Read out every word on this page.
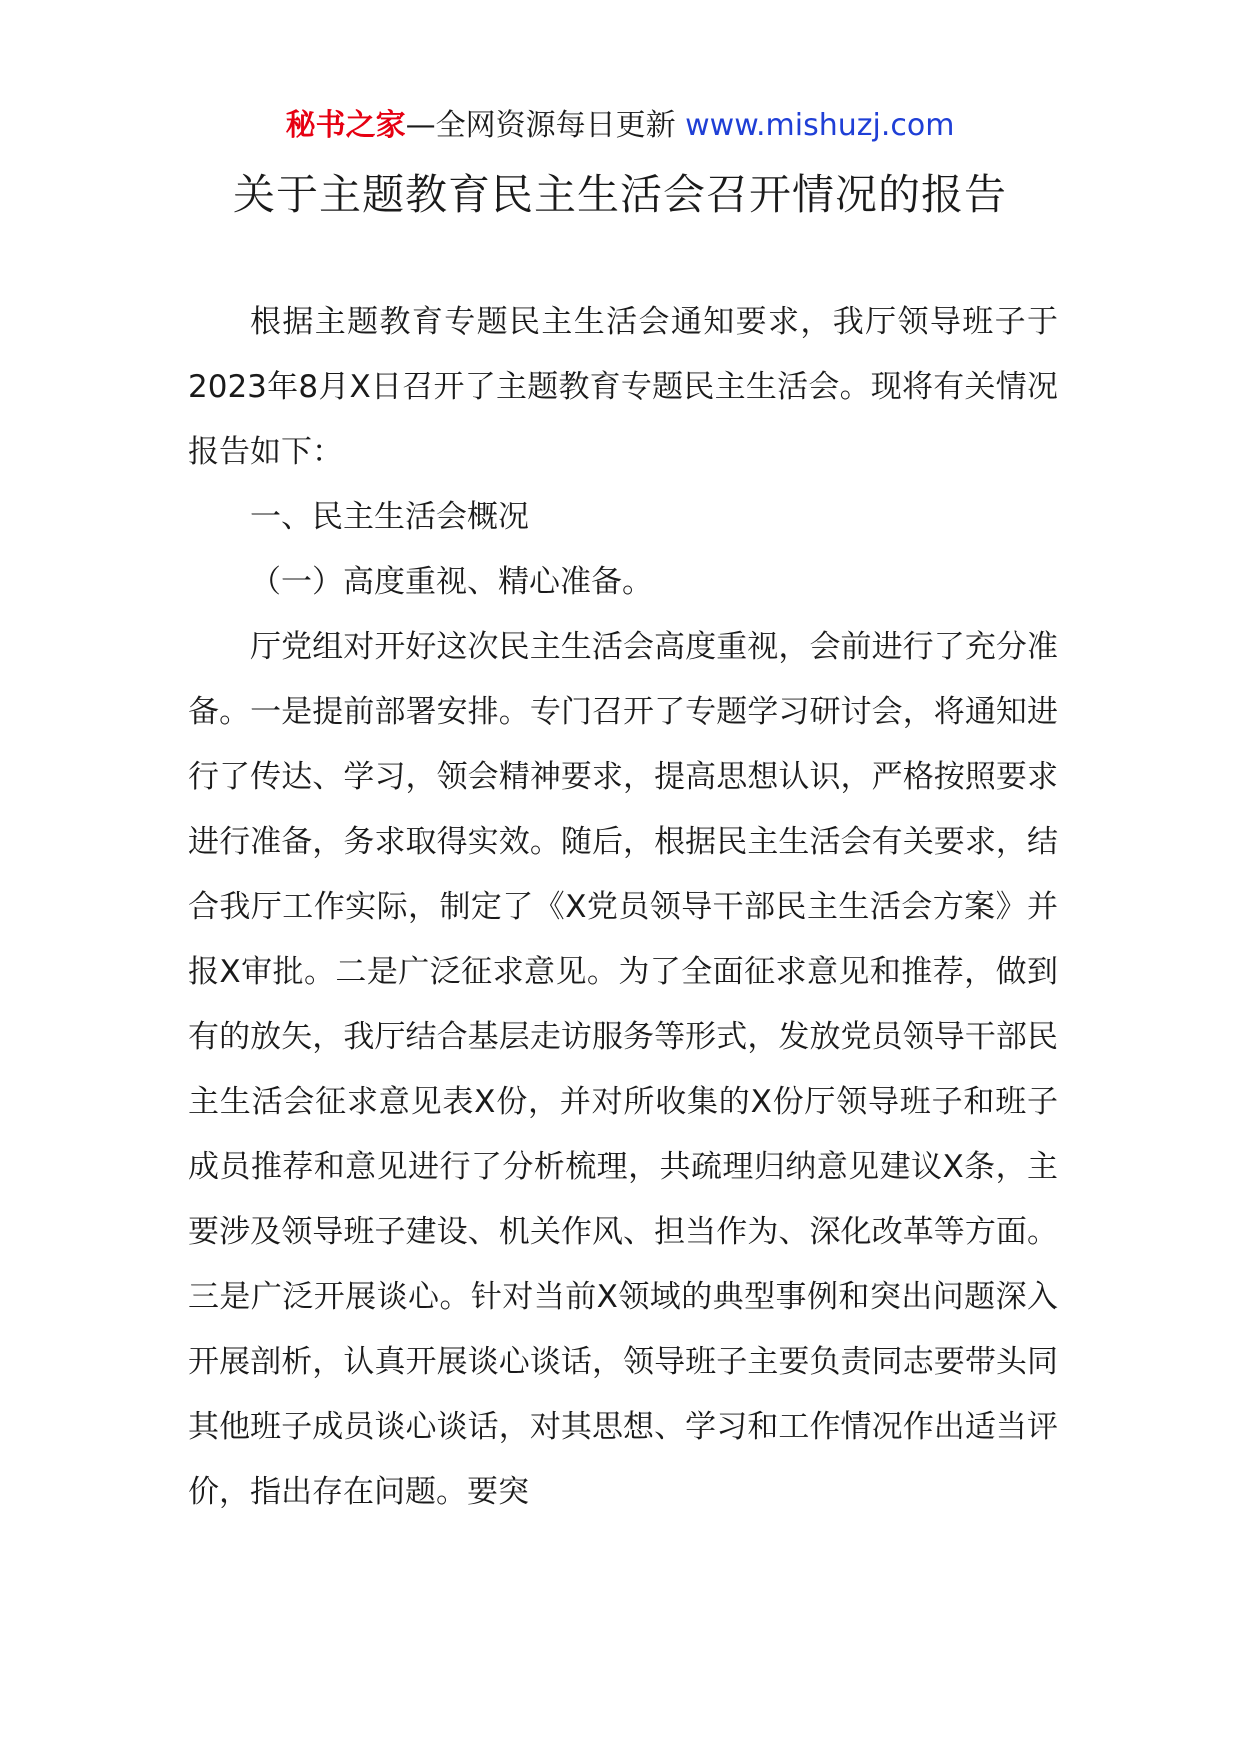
秘书之家—全网资源每日更新 www.mishuzj.com
关于主题教育民主生活会召开情况的报告

根据主题教育专题民主生活会通知要求，我厅领导班子于2023年8月X日召开了主题教育专题民主生活会。现将有关情况报告如下：

一、民主生活会概况

（一）高度重视、精心准备。

厅党组对开好这次民主生活会高度重视，会前进行了充分准备。一是提前部署安排。专门召开了专题学习研讨会，将通知进行了传达、学习，领会精神要求，提高思想认识，严格按照要求进行准备，务求取得实效。随后，根据民主生活会有关要求，结合我厅工作实际，制定了《X党员领导干部民主生活会方案》并报X审批。二是广泛征求意见。为了全面征求意见和推荐，做到有的放矢，我厅结合基层走访服务等形式，发放党员领导干部民主生活会征求意见表X份，并对所收集的X份厅领导班子和班子成员推荐和意见进行了分析梳理，共疏理归纳意见建议X条，主要涉及领导班子建设、机关作风、担当作为、深化改革等方面。三是广泛开展谈心。针对当前X领域的典型事例和突出问题深入开展剖析，认真开展谈心谈话，领导班子主要负责同志要带头同其他班子成员谈心谈话，对其思想、学习和工作情况作出适当评价，指出存在问题。要突
